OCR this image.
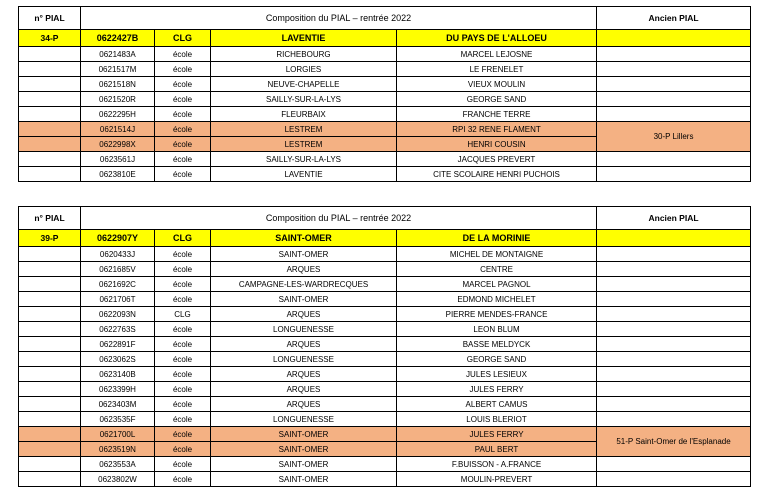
n° PIAL	Composition du PIAL – rentrée 2022				Ancien PIAL
34-P	0622427B	CLG	LAVENTIE	DU PAYS DE L'ALLOEU	
	0621483A	école	RICHEBOURG	MARCEL LEJOSNE	
	0621517M	école	LORGIES	LE FRENELET	
	0621518N	école	NEUVE-CHAPELLE	VIEUX MOULIN	
	0621520R	école	SAILLY-SUR-LA-LYS	GEORGE SAND	
	0622295H	école	FLEURBAIX	FRANCHE TERRE	
	0621514J	école	LESTREM	RPI 32 RENE FLAMENT	30-P Lillers
	0622998X	école	LESTREM	HENRI COUSIN	
	0623561J	école	SAILLY-SUR-LA-LYS	JACQUES PREVERT	
	0623810E	école	LAVENTIE	CITE SCOLAIRE HENRI PUCHOIS	
n° PIAL	Composition du PIAL – rentrée 2022				Ancien PIAL
39-P	0622907Y	CLG	SAINT-OMER	DE LA MORINIE	
	0620433J	école	SAINT-OMER	MICHEL DE MONTAIGNE	
	0621685V	école	ARQUES	CENTRE	
	0621692C	école	CAMPAGNE-LES-WARDRECQUES	MARCEL PAGNOL	
	0621706T	école	SAINT-OMER	EDMOND MICHELET	
	0622093N	CLG	ARQUES	PIERRE MENDES-FRANCE	
	0622763S	école	LONGUENESSE	LEON BLUM	
	0622891F	école	ARQUES	BASSE MELDYCK	
	0623062S	école	LONGUENESSE	GEORGE SAND	
	0623140B	école	ARQUES	JULES LESIEUX	
	0623399H	école	ARQUES	JULES FERRY	
	0623403M	école	ARQUES	ALBERT CAMUS	
	0623535F	école	LONGUENESSE	LOUIS BLERIOT	
	0621700L	école	SAINT-OMER	JULES FERRY	51-P Saint-Omer de l'Esplanade
	0623519N	école	SAINT-OMER	PAUL BERT	
	0623553A	école	SAINT-OMER	F.BUISSON - A.FRANCE	
	0623802W	école	SAINT-OMER	MOULIN-PREVERT	
